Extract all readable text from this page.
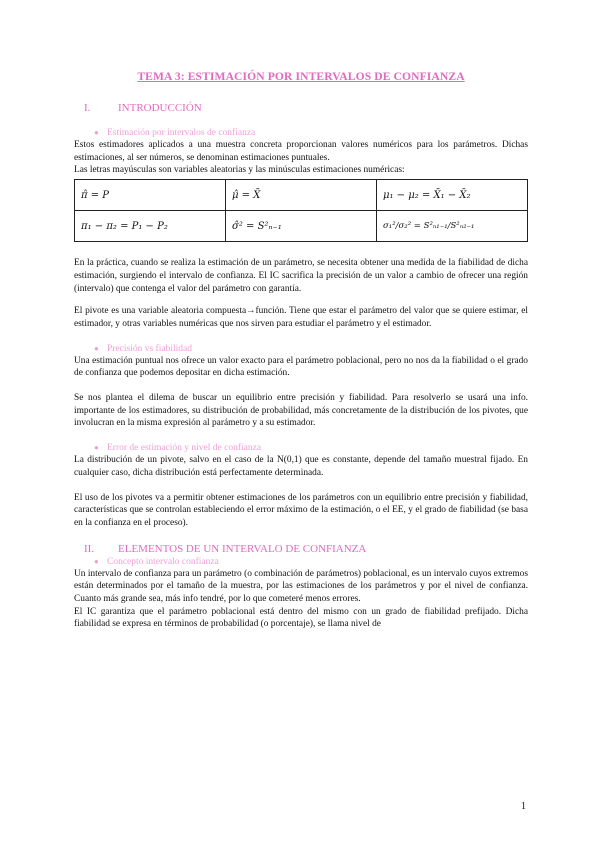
TEMA 3: ESTIMACIÓN POR INTERVALOS DE CONFIANZA
I.	INTRODUCCIÓN
● Estimación por intervalos de confianza

Estos estimadores aplicados a una muestra concreta proporcionan valores numéricos para los parámetros. Dichas estimaciones, al ser números, se denominan estimaciones puntuales.

Las letras mayúsculas son variables aleatorias y las minúsculas estimaciones numéricas:

π̂ = P	μ̂ = X̄	μ₁ − μ₂ = X̄₁ − X̄₂
π₁ − π₂ = P₁ − P₂	σ̂² = S²ₙ₋₁	σ₁²/σ₂² = S²ₙ₁₋₁/S²ₙ₂₋₁

En la práctica, cuando se realiza la estimación de un parámetro, se necesita obtener una medida de la fiabilidad de dicha estimación, surgiendo el intervalo de confianza. El IC sacrifica la precisión de un valor a cambio de ofrecer una región (intervalo) que contenga el valor del parámetro con garantía.

El pivote es una variable aleatoria compuesta→función. Tiene que estar el parámetro del valor que se quiere estimar, el estimador, y otras variables numéricas que nos sirven para estudiar el parámetro y el estimador.

● Precisión vs fiabilidad

Una estimación puntual nos ofrece un valor exacto para el parámetro poblacional, pero no nos da la fiabilidad o el grado de confianza que podemos depositar en dicha estimación.

Se nos plantea el dilema de buscar un equilibrio entre precisión y fiabilidad. Para resolverlo se usará una info. importante de los estimadores, su distribución de probabilidad, más concretamente de la distribución de los pivotes, que involucran en la misma expresión al parámetro y a su estimador.

● Error de estimación y nivel de confianza

La distribución de un pivote, salvo en el caso de la N(0,1) que es constante, depende del tamaño muestral fijado. En cualquier caso, dicha distribución está perfectamente determinada.

El uso de los pivotes va a permitir obtener estimaciones de los parámetros con un equilibrio entre precisión y fiabilidad, características que se controlan estableciendo el error máximo de la estimación, o el EE, y el grado de fiabilidad (se basa en la confianza en el proceso).

II.	ELEMENTOS DE UN INTERVALO DE CONFIANZA
● Concepto intervalo confianza

Un intervalo de confianza para un parámetro (o combinación de parámetros) poblacional, es un intervalo cuyos extremos están determinados por el tamaño de la muestra, por las estimaciones de los parámetros y por el nivel de confianza. Cuanto más grande sea, más info tendré, por lo que cometeré menos errores.

El IC garantiza que el parámetro poblacional está dentro del mismo con un grado de fiabilidad prefijado. Dicha fiabilidad se expresa en términos de probabilidad (o porcentaje), se llama nivel de

1
